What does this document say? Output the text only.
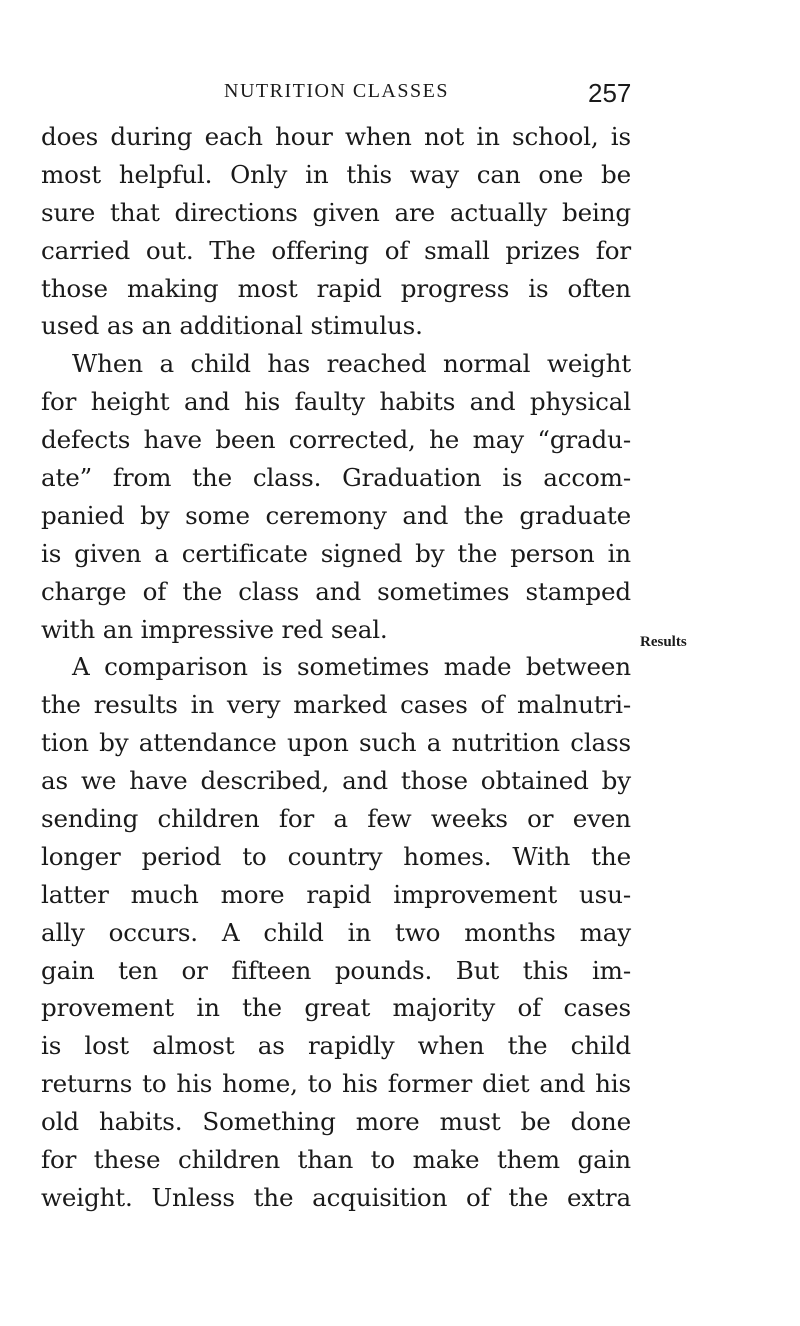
NUTRITION CLASSES	257
does during each hour when not in school, is
most helpful. Only in this way can one be
sure that directions given are actually being
carried out. The offering of small prizes for
those making most rapid progress is often
used as an additional stimulus.
When a child has reached normal weight
for height and his faulty habits and physical
defects have been corrected, he may “gradu-
ate” from the class. Graduation is accom-
panied by some ceremony and the graduate
is given a certificate signed by the person in
charge of the class and sometimes stamped
with an impressive red seal.
A comparison is sometimes made between
the results in very marked cases of malnutri-
tion by attendance upon such a nutrition class
as we have described, and those obtained by
sending children for a few weeks or even
longer period to country homes. With the
latter much more rapid improvement usu-
ally occurs. A child in two months may
gain ten or fifteen pounds. But this im-
provement in the great majority of cases
is lost almost as rapidly when the child
returns to his home, to his former diet and his
old habits. Something more must be done
for these children than to make them gain
weight. Unless the acquisition of the extra
Results
